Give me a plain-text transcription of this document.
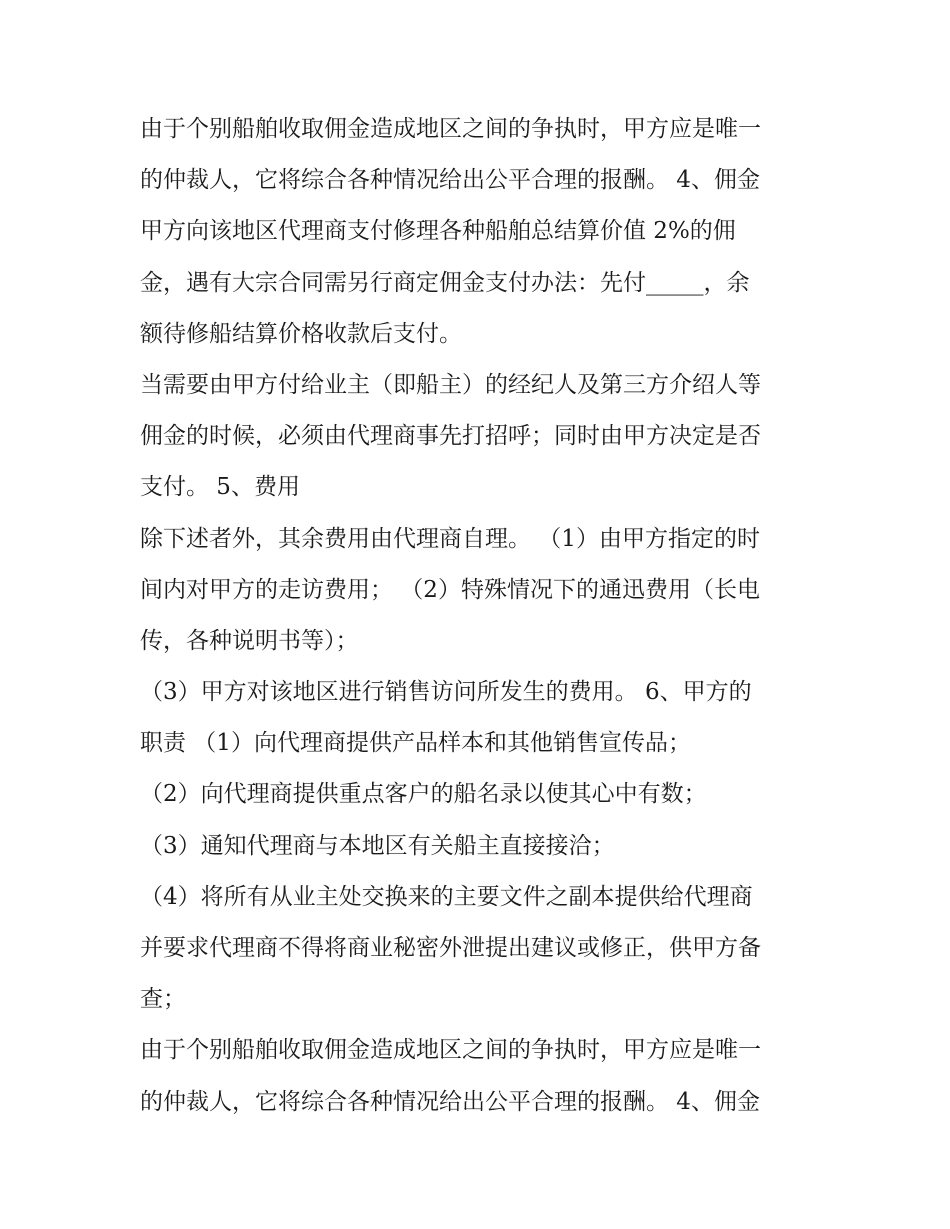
由于个别船舶收取佣金造成地区之间的争执时，甲方应是唯一
的仲裁人，它将综合各种情况给出公平合理的报酬。 4、佣金
甲方向该地区代理商支付修理各种船舶总结算价值 2%的佣
金，遇有大宗合同需另行商定佣金支付办法：先付_____，余
额待修船结算价格收款后支付。
当需要由甲方付给业主（即船主）的经纪人及第三方介绍人等
佣金的时候，必须由代理商事先打招呼；同时由甲方决定是否
支付。 5、费用
除下述者外，其余费用由代理商自理。 （1）由甲方指定的时
间内对甲方的走访费用； （2）特殊情况下的通迅费用（长电
传，各种说明书等）；
（3）甲方对该地区进行销售访问所发生的费用。 6、甲方的
职责 （1）向代理商提供产品样本和其他销售宣传品；
（2）向代理商提供重点客户的船名录以使其心中有数；
（3）通知代理商与本地区有关船主直接接洽；
（4）将所有从业主处交换来的主要文件之副本提供给代理商
并要求代理商不得将商业秘密外泄提出建议或修正，供甲方备
查；
由于个别船舶收取佣金造成地区之间的争执时，甲方应是唯一
的仲裁人，它将综合各种情况给出公平合理的报酬。 4、佣金
